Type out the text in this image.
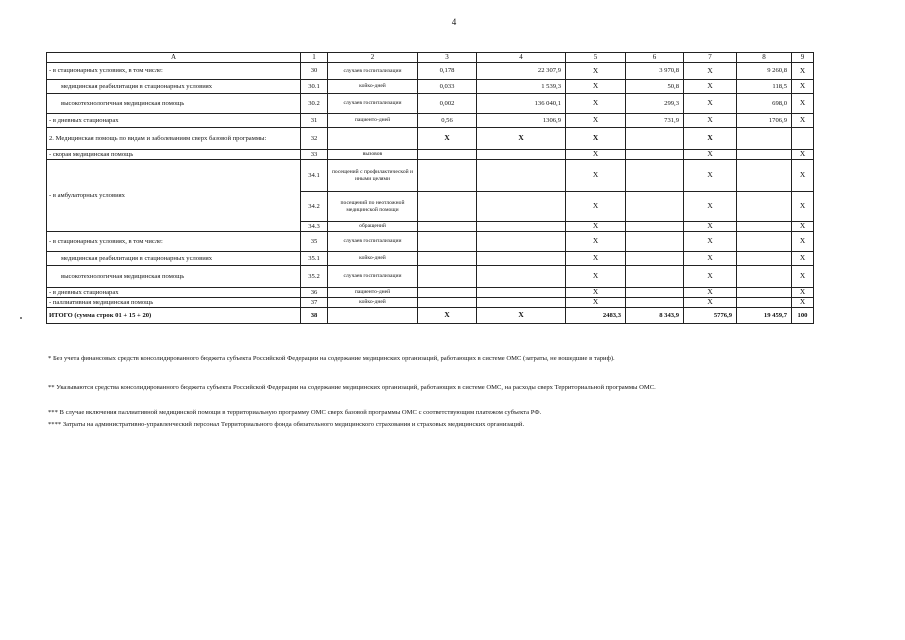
4
А	1	2	3	4	5	6	7	8	9
- в стационарных условиях, в том числе:	30	случаев госпитализации	0,178	22 307,9	Х	3 970,8	Х	9 260,8	Х
медицинская реабилитация в стационарных условиях	30.1	койко-дней	0,033	1 539,3	Х	50,8	Х	118,5	Х
высокотехнологичная медицинская помощь	30.2	случаев госпитализации	0,002	136 040,1	Х	299,3	Х	698,0	Х
- в дневных стационарах	31	пациенто-дней	0,56	1306,9	Х	731,9	Х	1706,9	Х
2. Медицинская помощь по видам и заболеваниям сверх базовой программы:	32		Х	Х	Х		Х		
- скорая медицинская помощь	33	вызовов			Х		Х		Х
- в амбулаторных условиях	34.1	посещений с профилактической и иными целями			Х		Х		Х
	34.2	посещений по неотложной медицинской помощи			Х		Х		Х
	34.3	обращений			Х		Х		Х
- в стационарных условиях, в том числе:	35	случаев госпитализации			Х		Х		Х
медицинская реабилитация в стационарных условиях	35.1	койко-дней			Х		Х		Х
высокотехнологичная медицинская помощь	35.2	случаев госпитализации			Х		Х		Х
- в дневных стационарах	36	пациенто-дней			Х		Х		Х
- паллиативная медицинская помощь	37	койко-дней			Х		Х		Х
ИТОГО (сумма строк 01 + 15 + 20)	38		Х	Х	2483,3	8 343,9	5776,9	19 459,7	100
* Без учета финансовых средств консолидированного бюджета субъекта Российской Федерации на содержание медицинских организаций, работающих в системе ОМС (затраты, не вошедшие в тариф).
** Указываются средства консолидированного бюджета субъекта Российской Федерации на содержание медицинских организаций, работающих в системе ОМС, на расходы сверх Территориальной программы ОМС.
*** В случае включения паллиативной медицинской помощи в территориальную программу ОМС сверх базовой программы ОМС с соответствующим платежом субъекта РФ.
**** Затраты на административно-управленческий персонал Территориального фонда обязательного медицинского страхования и страховых медицинских организаций.
